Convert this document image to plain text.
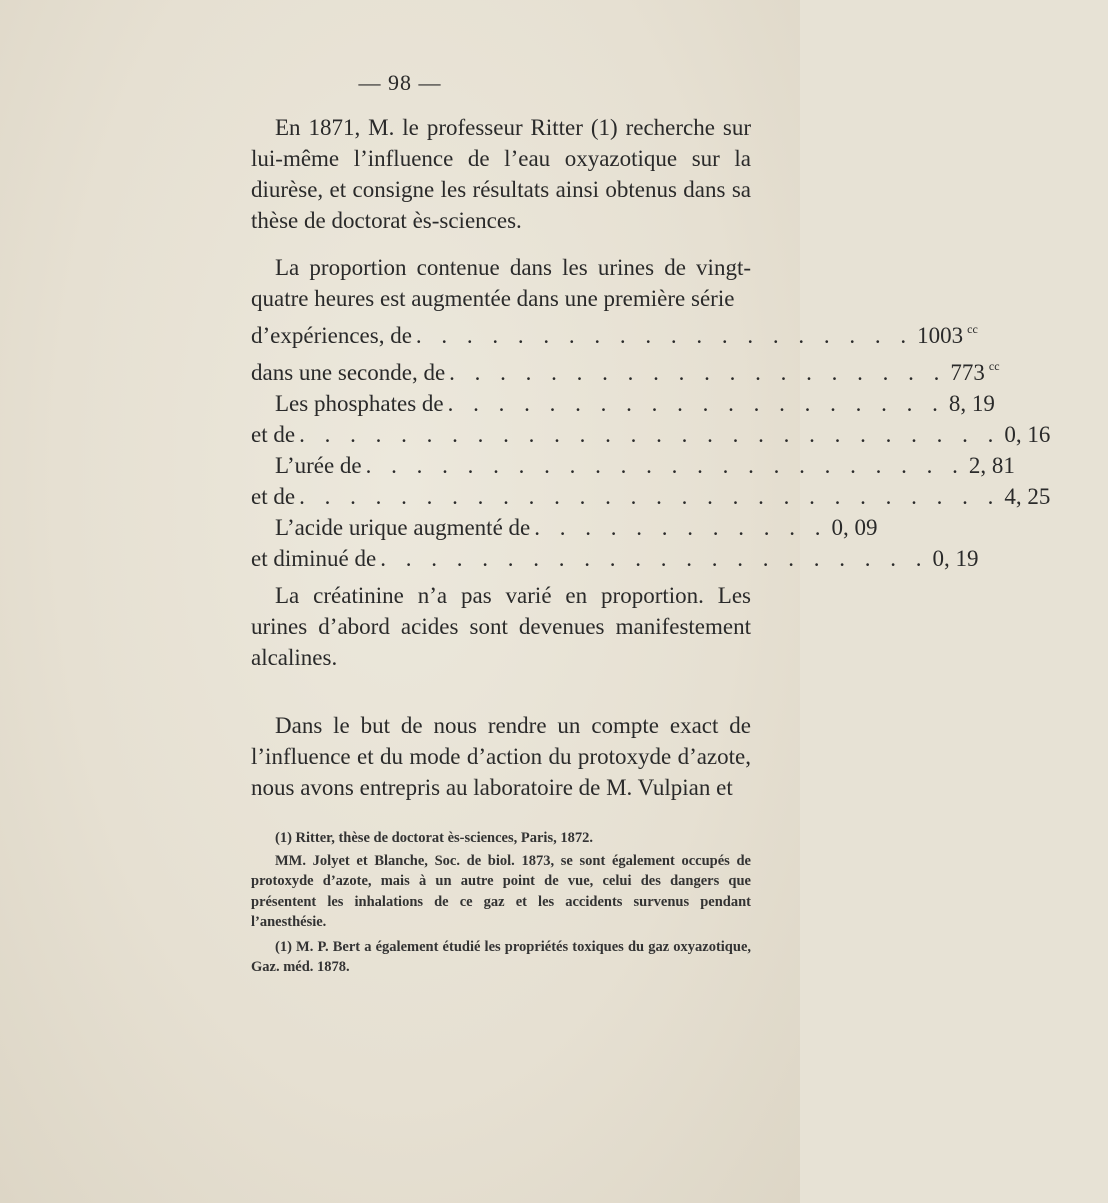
— 98 —

En 1871, M. le professeur Ritter (1) recherche sur lui-même l’influence de l’eau oxyazotique sur la diurèse, et consigne les résultats ainsi obtenus dans sa thèse de doctorat ès-sciences.

La proportion contenue dans les urines de vingt-quatre heures est augmentée dans une première série

d’expériences, de . . . . . . . . . . . . . . . . . . . . 1003 $^{cc}$
dans une seconde, de . . . . . . . . . . . . . . . . . . . . 773 $^{cc}$
Les phosphates de . . . . . . . . . . . . . . . . . . . . 8, 19
et de . . . . . . . . . . . . . . . . . . . . . . . . . . . . 0, 16
L’urée de . . . . . . . . . . . . . . . . . . . . . . . . 2, 81
et de . . . . . . . . . . . . . . . . . . . . . . . . . . . . 4, 25
L’acide urique augmenté de . . . . . . . . . . . . 0, 09
et diminué de . . . . . . . . . . . . . . . . . . . . . . 0, 19

La créatinine n’a pas varié en proportion. Les urines d’abord acides sont devenues manifestement alcalines.

Dans le but de nous rendre un compte exact de l’influence et du mode d’action du protoxyde d’azote, nous avons entrepris au laboratoire de M. Vulpian et

(1) Ritter, thèse de doctorat ès-sciences, Paris, 1872.

MM. Jolyet et Blanche, Soc. de biol. 1873, se sont également occupés de protoxyde d’azote, mais à un autre point de vue, celui des dangers que présentent les inhalations de ce gaz et les accidents survenus pendant l’anesthésie.

(1) M. P. Bert a également étudié les propriétés toxiques du gaz oxyazotique, Gaz. méd. 1878.
